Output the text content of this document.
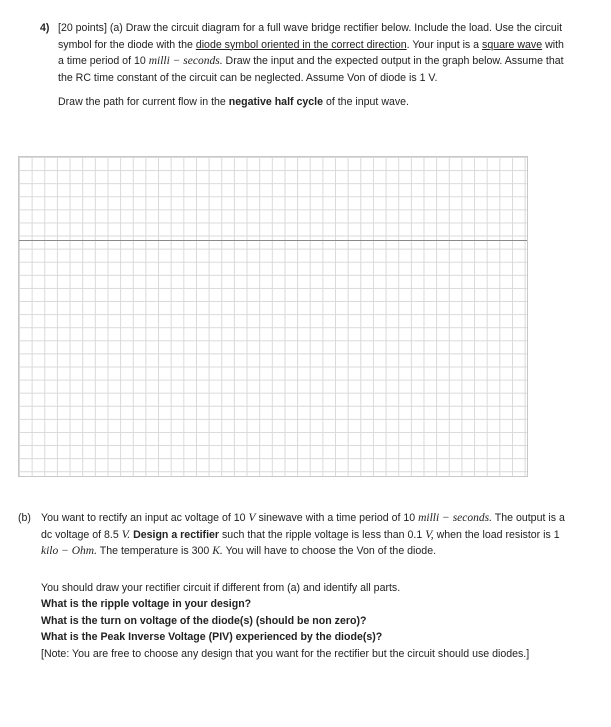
4) [20 points] (a) Draw the circuit diagram for a full wave bridge rectifier below. Include the load. Use the circuit symbol for the diode with the diode symbol oriented in the correct direction. Your input is a square wave with a time period of 10 milli − seconds. Draw the input and the expected output in the graph below. Assume that the RC time constant of the circuit can be neglected. Assume Von of diode is 1 V.
Draw the path for current flow in the negative half cycle of the input wave.
(b) You want to rectify an input ac voltage of 10 V sinewave with a time period of 10 milli − seconds. The output is a dc voltage of 8.5 V. Design a rectifier such that the ripple voltage is less than 0.1 V, when the load resistor is 1 kilo − Ohm. The temperature is 300 K. You will have to choose the Von of the diode.
You should draw your rectifier circuit if different from (a) and identify all parts.
What is the ripple voltage in your design?
What is the turn on voltage of the diode(s) (should be non zero)?
What is the Peak Inverse Voltage (PIV) experienced by the diode(s)?
[Note: You are free to choose any design that you want for the rectifier but the circuit should use diodes.]
